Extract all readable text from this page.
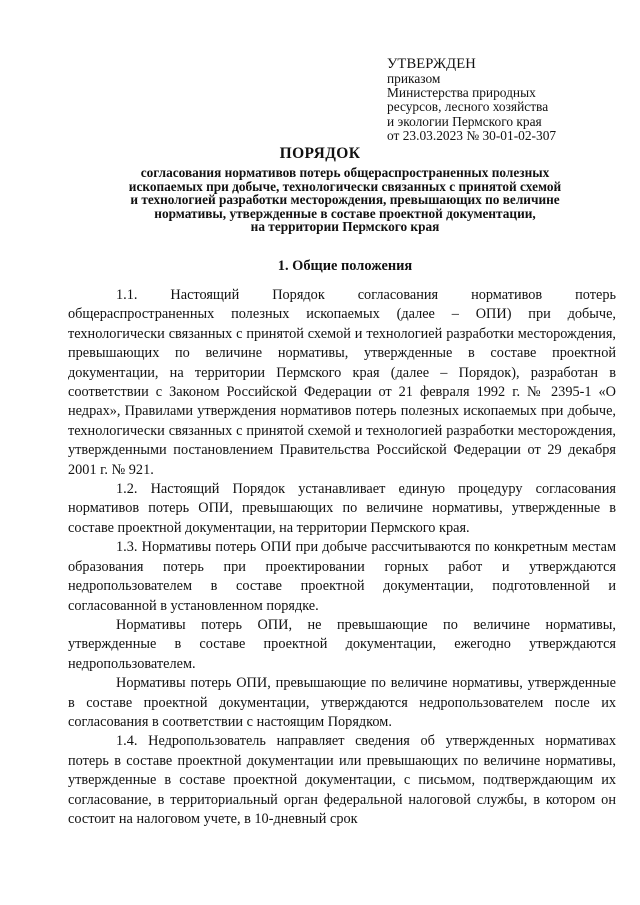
УТВЕРЖДЕН
приказом
Министерства природных
ресурсов, лесного хозяйства
и экологии Пермского края
от 23.03.2023 № 30-01-02-307
ПОРЯДОК
согласования нормативов потерь общераспространенных полезных
ископаемых при добыче, технологически связанных с принятой схемой
и технологией разработки месторождения, превышающих по величине
нормативы, утвержденные в составе проектной документации,
на территории Пермского края
1. Общие положения

1.1. Настоящий Порядок согласования нормативов потерь общераспространенных полезных ископаемых (далее – ОПИ) при добыче, технологически связанных с принятой схемой и технологией разработки месторождения, превышающих по величине нормативы, утвержденные в составе проектной документации, на территории Пермского края (далее – Порядок), разработан в соответствии с Законом Российской Федерации от 21 февраля 1992 г. № 2395-1 «О недрах», Правилами утверждения нормативов потерь полезных ископаемых при добыче, технологически связанных с принятой схемой и технологией разработки месторождения, утвержденными постановлением Правительства Российской Федерации от 29 декабря 2001 г. № 921.

1.2. Настоящий Порядок устанавливает единую процедуру согласования нормативов потерь ОПИ, превышающих по величине нормативы, утвержденные в составе проектной документации, на территории Пермского края.

1.3. Нормативы потерь ОПИ при добыче рассчитываются по конкретным местам образования потерь при проектировании горных работ и утверждаются недропользователем в составе проектной документации, подготовленной и согласованной в установленном порядке.

Нормативы потерь ОПИ, не превышающие по величине нормативы, утвержденные в составе проектной документации, ежегодно утверждаются недропользователем.

Нормативы потерь ОПИ, превышающие по величине нормативы, утвержденные в составе проектной документации, утверждаются недропользователем после их согласования в соответствии с настоящим Порядком.

1.4. Недропользователь направляет сведения об утвержденных нормативах потерь в составе проектной документации или превышающих по величине нормативы, утвержденные в составе проектной документации, с письмом, подтверждающим их согласование, в территориальный орган федеральной налоговой службы, в котором он состоит на налоговом учете, в 10-дневный срок
